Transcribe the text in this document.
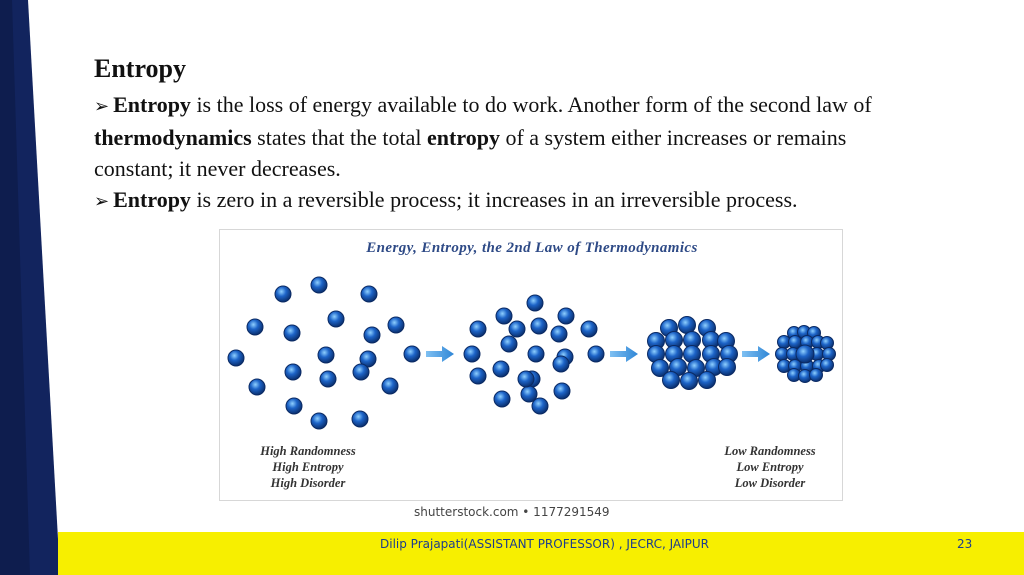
Entropy
➢ Entropy is the loss of energy available to do work. Another form of the second law of thermodynamics states that the total entropy of a system either increases or remains constant; it never decreases.
➢ Entropy is zero in a reversible process; it increases in an irreversible process.
Energy, Entropy, the 2nd Law of Thermodynamics
High Randomness
High Entropy
High Disorder
Low Randomness
Low Entropy
Low Disorder
shutterstock.com • 1177291549
Dilip Prajapati(ASSISTANT PROFESSOR) , JECRC, JAIPUR	23
